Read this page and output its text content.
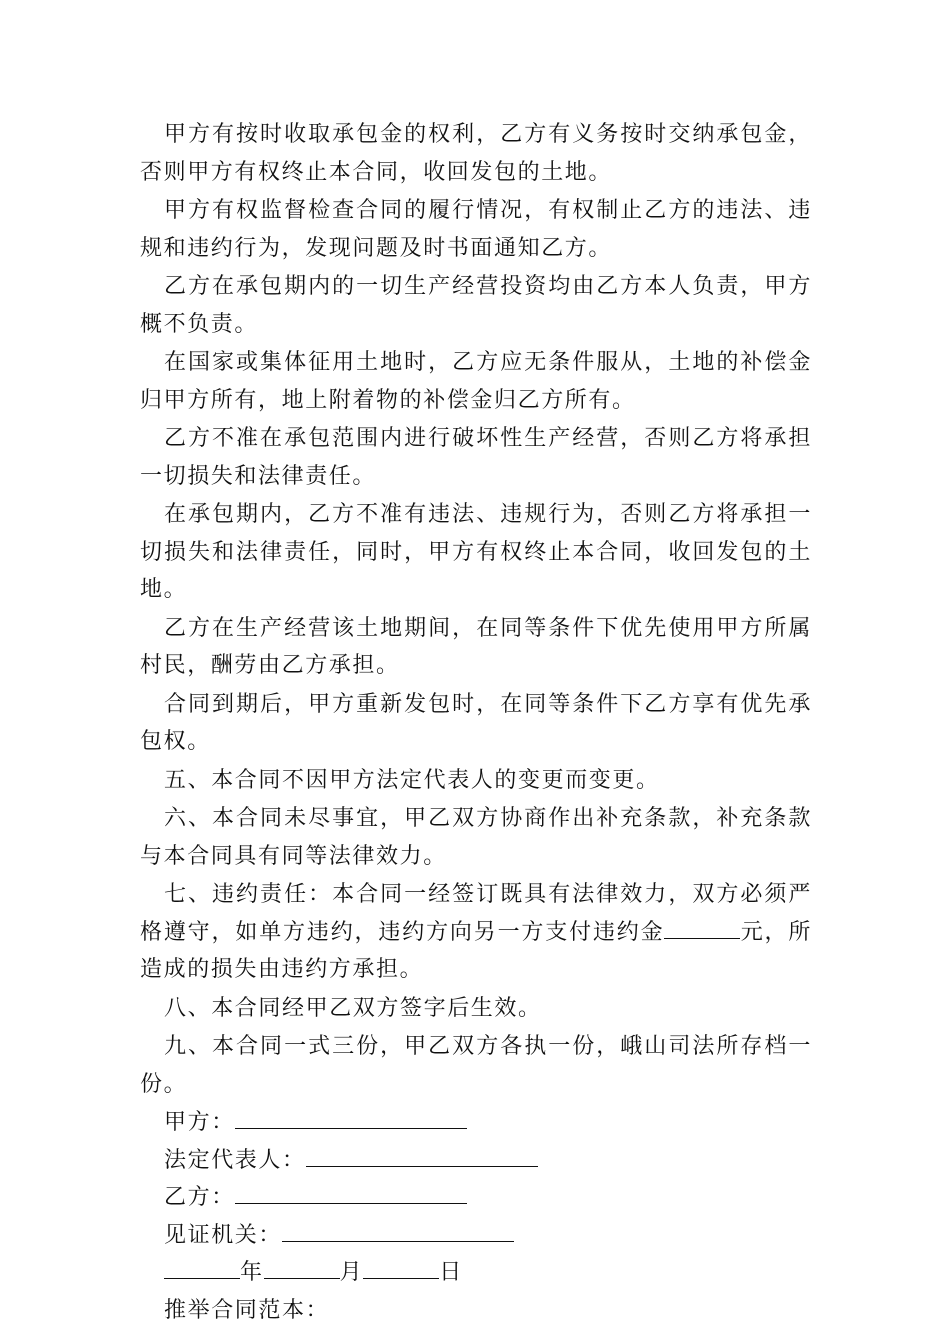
甲方有按时收取承包金的权利，乙方有义务按时交纳承包金，否则甲方有权终止本合同，收回发包的土地。

甲方有权监督检查合同的履行情况，有权制止乙方的违法、违规和违约行为，发现问题及时书面通知乙方。

乙方在承包期内的一切生产经营投资均由乙方本人负责，甲方概不负责。

在国家或集体征用土地时，乙方应无条件服从，土地的补偿金归甲方所有，地上附着物的补偿金归乙方所有。

乙方不准在承包范围内进行破坏性生产经营，否则乙方将承担一切损失和法律责任。

在承包期内，乙方不准有违法、违规行为，否则乙方将承担一切损失和法律责任，同时，甲方有权终止本合同，收回发包的土地。

乙方在生产经营该土地期间，在同等条件下优先使用甲方所属村民，酬劳由乙方承担。

合同到期后，甲方重新发包时，在同等条件下乙方享有优先承包权。

五、本合同不因甲方法定代表人的变更而变更。

六、本合同未尽事宜，甲乙双方协商作出补充条款，补充条款与本合同具有同等法律效力。

七、违约责任：本合同一经签订既具有法律效力，双方必须严格遵守，如单方违约，违约方向另一方支付违约金	元，所造成的损失由违约方承担。

八、本合同经甲乙双方签字后生效。

九、本合同一式三份，甲乙双方各执一份，峨山司法所存档一份。

甲方：

法定代表人：

乙方：

见证机关：

年	月	日

推举合同范本：
